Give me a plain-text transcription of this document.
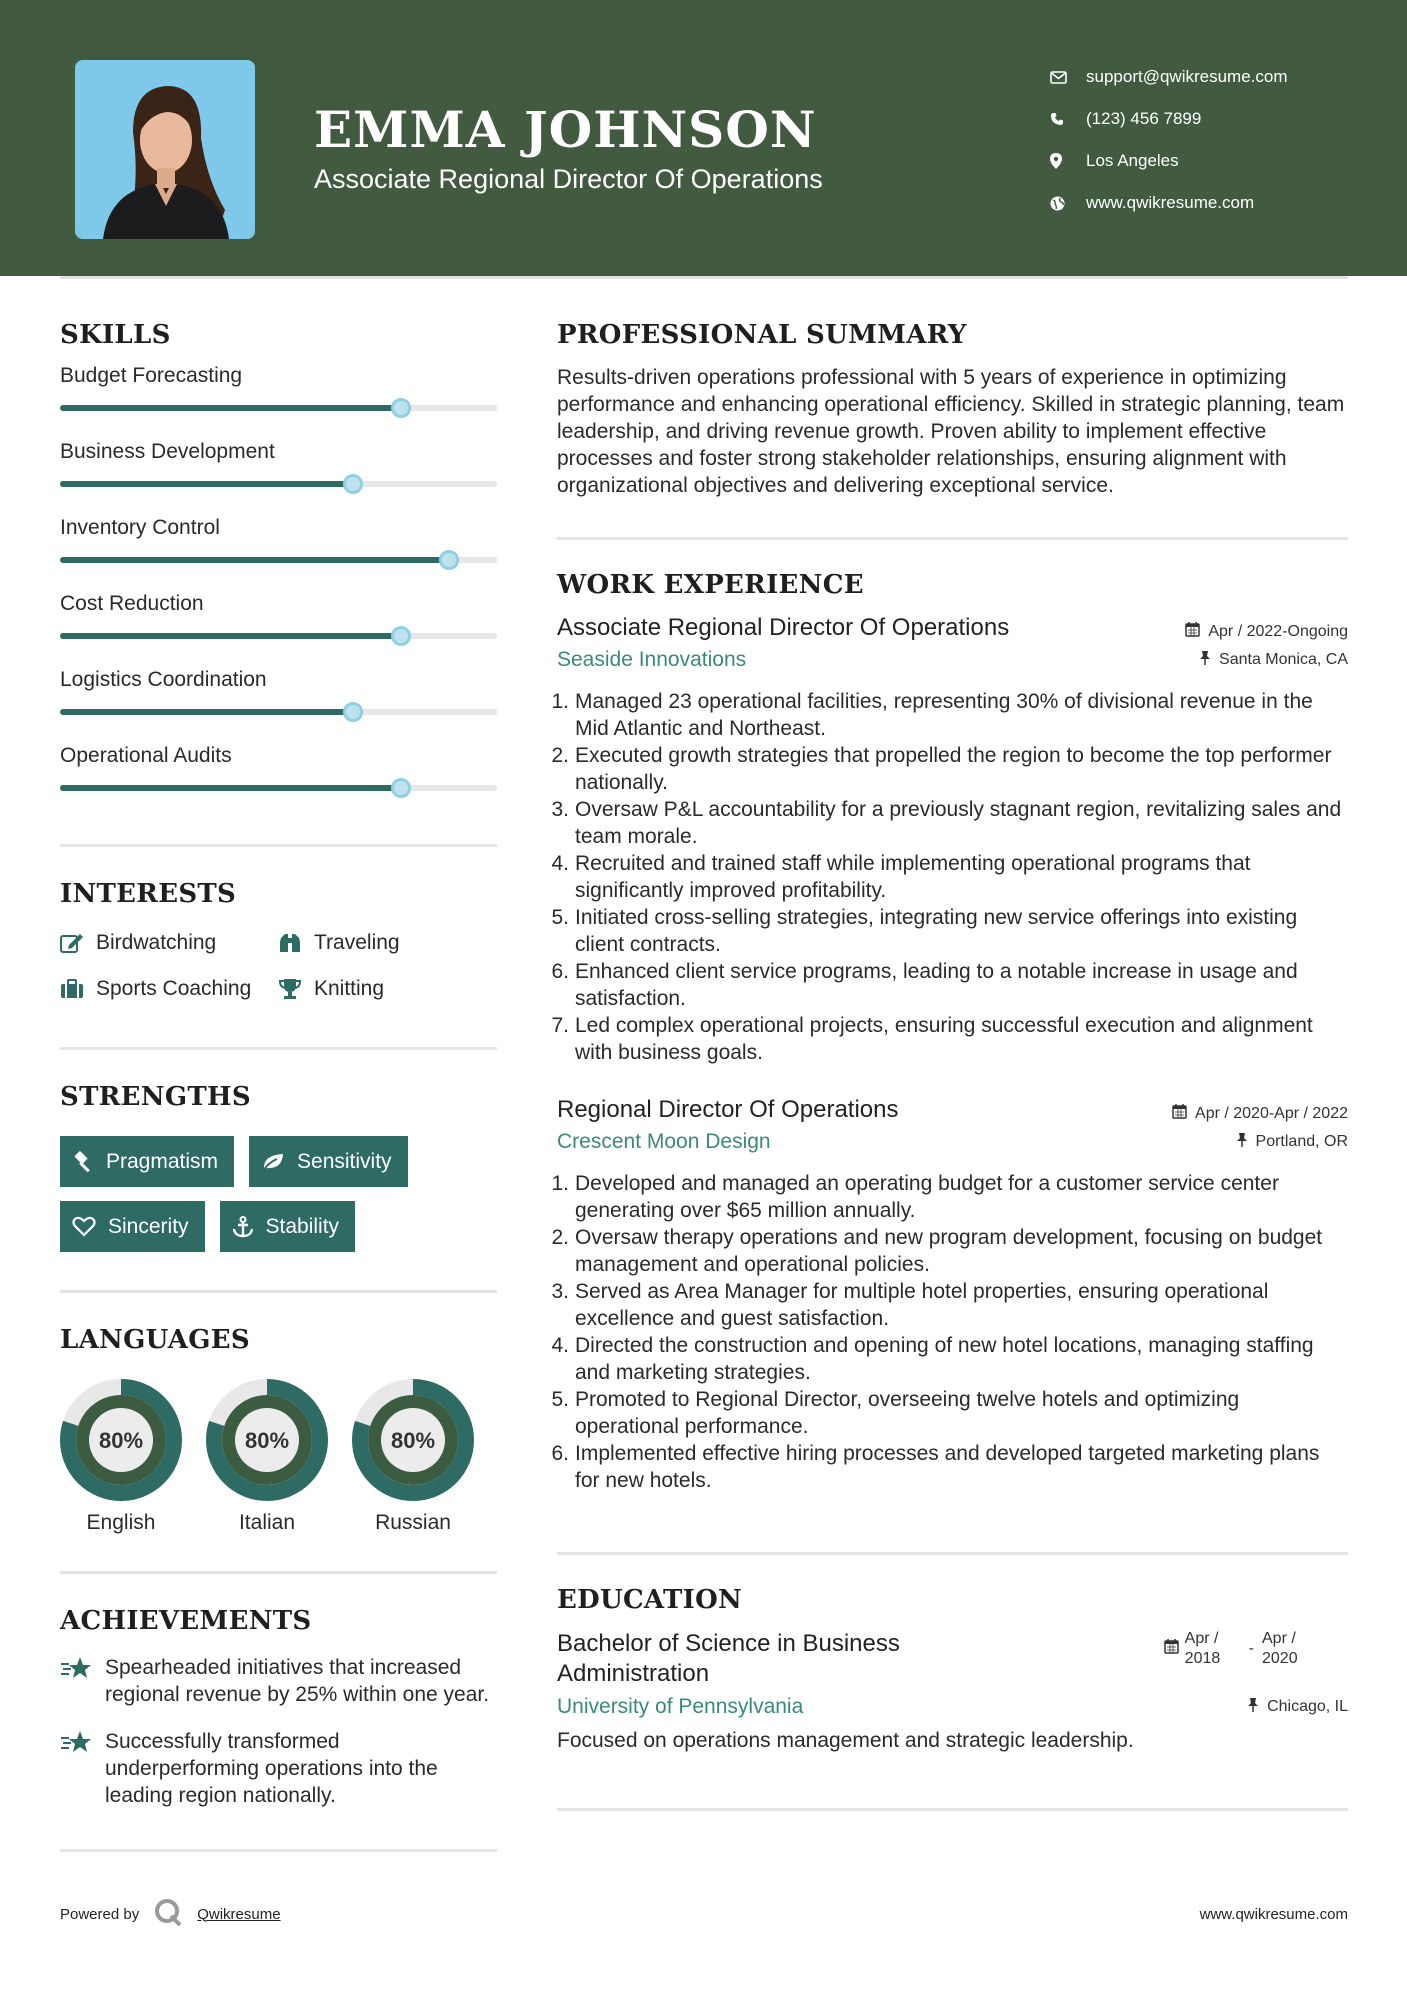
EMMA JOHNSON
Associate Regional Director Of Operations
support@qwikresume.com
(123) 456 7899
Los Angeles
www.qwikresume.com
SKILLS
Budget Forecasting
Business Development
Inventory Control
Cost Reduction
Logistics Coordination
Operational Audits
INTERESTS
Birdwatching	Traveling
Sports Coaching	Knitting
STRENGTHS
Pragmatism	Sensitivity
Sincerity	Stability
LANGUAGES
80%
English
80%
Italian
80%
Russian
ACHIEVEMENTS
Spearheaded initiatives that increased regional revenue by 25% within one year.
Successfully transformed underperforming operations into the leading region nationally.
PROFESSIONAL SUMMARY
Results-driven operations professional with 5 years of experience in optimizing performance and enhancing operational efficiency. Skilled in strategic planning, team leadership, and driving revenue growth. Proven ability to implement effective processes and foster strong stakeholder relationships, ensuring alignment with organizational objectives and delivering exceptional service.
WORK EXPERIENCE
Associate Regional Director Of Operations	Apr / 2022-Ongoing
Seaside Innovations	Santa Monica, CA
1. Managed 23 operational facilities, representing 30% of divisional revenue in the Mid Atlantic and Northeast.
2. Executed growth strategies that propelled the region to become the top performer nationally.
3. Oversaw P&L accountability for a previously stagnant region, revitalizing sales and team morale.
4. Recruited and trained staff while implementing operational programs that significantly improved profitability.
5. Initiated cross-selling strategies, integrating new service offerings into existing client contracts.
6. Enhanced client service programs, leading to a notable increase in usage and satisfaction.
7. Led complex operational projects, ensuring successful execution and alignment with business goals.
Regional Director Of Operations	Apr / 2020-Apr / 2022
Crescent Moon Design	Portland, OR
1. Developed and managed an operating budget for a customer service center generating over $65 million annually.
2. Oversaw therapy operations and new program development, focusing on budget management and operational policies.
3. Served as Area Manager for multiple hotel properties, ensuring operational excellence and guest satisfaction.
4. Directed the construction and opening of new hotel locations, managing staffing and marketing strategies.
5. Promoted to Regional Director, overseeing twelve hotels and optimizing operational performance.
6. Implemented effective hiring processes and developed targeted marketing plans for new hotels.
EDUCATION
Bachelor of Science in Business Administration
Apr / 2018
-
Apr / 2020
University of Pennsylvania	Chicago, IL
Focused on operations management and strategic leadership.
Powered by	Qwikresume	www.qwikresume.com
